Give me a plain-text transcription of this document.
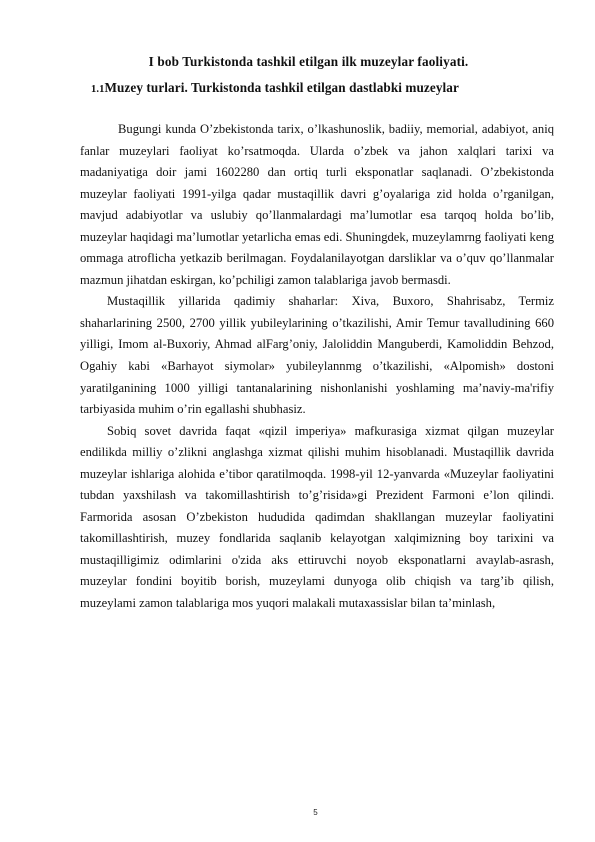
I bob Turkistonda tashkil etilgan ilk muzeylar faoliyati.
1.1Muzey turlari. Turkistonda tashkil etilgan dastlabki muzeylar

Bugungi kunda O’zbekistonda tarix, o’lkashunoslik, badiiy, memorial, adabiyot, aniq fanlar muzeylari faoliyat ko’rsatmoqda. Ularda o’zbek va jahon xalqlari tarixi va madaniyatiga doir jami 1602280 dan ortiq turli eksponatlar saqlanadi. O’zbekistonda muzeylar faoliyati 1991-yilga qadar mustaqillik davri g’oyalariga zid holda o’rganilgan, mavjud adabiyotlar va uslubiy qo’llanmalardagi ma’lumotlar esa tarqoq holda bo’lib, muzeylar haqidagi ma’lumotlar yetarlicha emas edi. Shuningdek, muzeylamrng faoliyati keng ommaga atroflicha yetkazib berilmagan. Foydalanilayotgan darsliklar va o’quv qo’llanmalar mazmun jihatdan eskirgan, ko’pchiligi zamon talablariga javob bermasdi.

Mustaqillik yillarida qadimiy shaharlar: Xiva, Buxoro, Shahrisabz, Termiz shaharlarining 2500, 2700 yillik yubileylarining o’tkazilishi, Amir Temur tavalludining 660 yilligi, Imom al-Buxoriy, Ahmad alFarg’oniy, Jaloliddin Manguberdi, Kamoliddin Behzod, Ogahiy kabi «Barhayot siymolar» yubileylannmg o’tkazilishi, «Alpomish» dostoni yaratilganining 1000 yilligi tantanalarining nishonlanishi yoshlaming ma’naviy-ma'rifiy tarbiyasida muhim o’rin egallashi shubhasiz.

Sobiq sovet davrida faqat «qizil imperiya» mafkurasiga xizmat qilgan muzeylar endilikda milliy o’zlikni anglashga xizmat qilishi muhim hisoblanadi. Mustaqillik davrida muzeylar ishlariga alohida e’tibor qaratilmoqda. 1998-yil 12-yanvarda «Muzeylar faoliyatini tubdan yaxshilash va takomillashtirish to’g’risida»gi Prezident Farmoni e’lon qilindi. Farmorida asosan O’zbekiston hududida qadimdan shakllangan muzeylar faoliyatini takomillashtirish, muzey fondlarida saqlanib kelayotgan xalqimizning boy tarixini va mustaqilligimiz odimlarini o'zida aks ettiruvchi noyob eksponatlarni avaylab-asrash, muzeylar fondini boyitib borish, muzeylami dunyoga olib chiqish va targ’ib qilish, muzeylami zamon talablariga mos yuqori malakali mutaxassislar bilan ta’minlash,

5
